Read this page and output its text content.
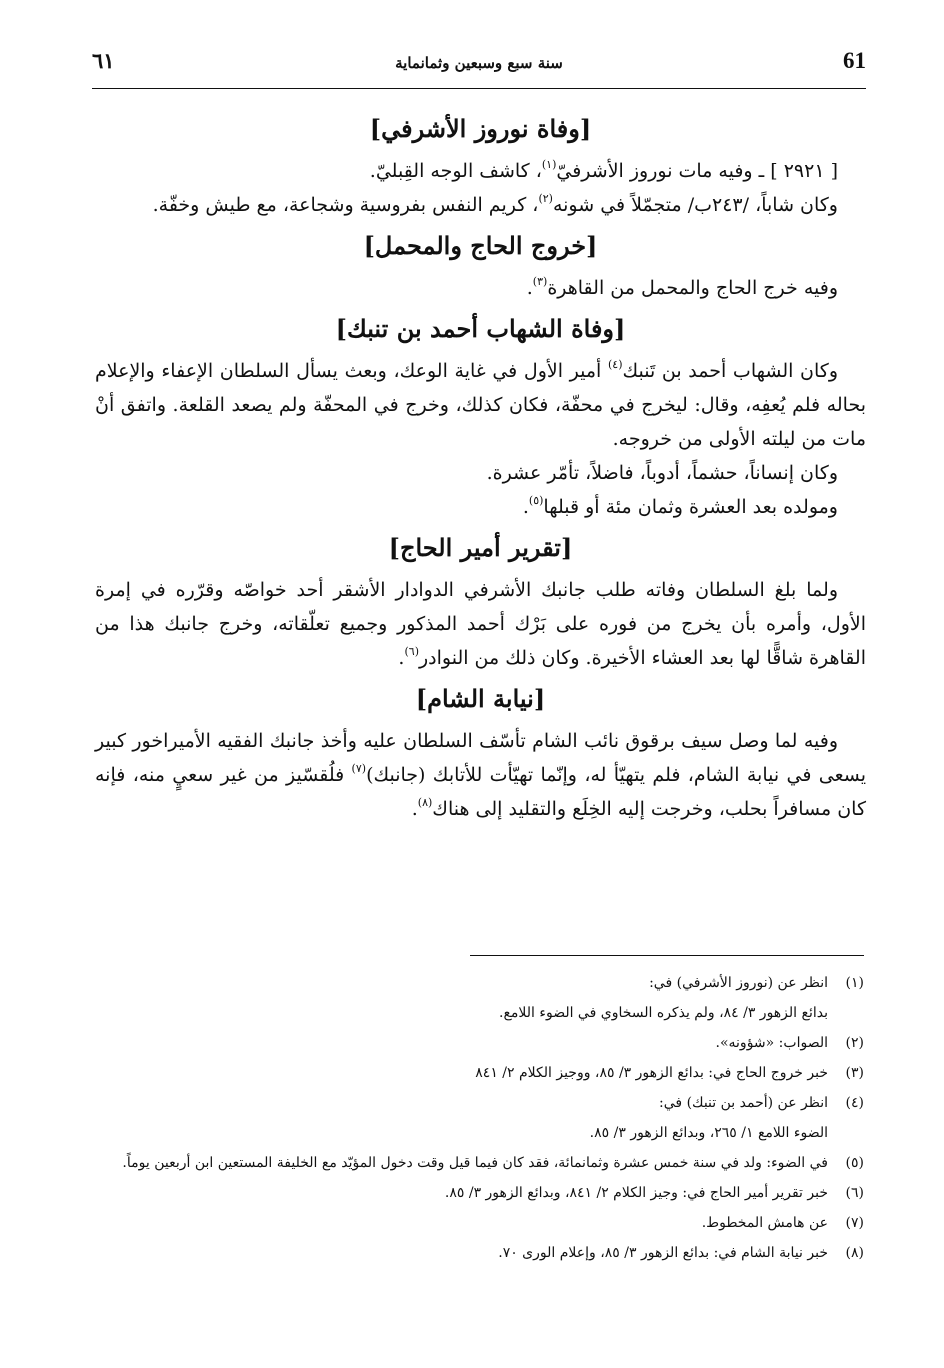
61
سنة سبع وسبعين وثمانماية
٦١
[وفاة نوروز الأشرفي]

[ ٢٩٢١ ] ـ وفيه مات نوروز الأشرفيّ$^{(١)}$، كاشف الوجه القِبليّ.

وكان شاباً، /٢٤٣ب/ متجمّلاً في شونه$^{(٢)}$، كريم النفس بفروسية وشجاعة، مع طيش وخفّة.

[خروج الحاج والمحمل]

وفيه خرج الحاج والمحمل من القاهرة$^{(٣)}$.

[وفاة الشهاب أحمد بن تنبك]

وكان الشهاب أحمد بن تَنبك$^{(٤)}$ أمير الأول في غاية الوعك، وبعث يسأل السلطان الإعفاء والإعلام بحاله فلم يُعفِه، وقال: ليخرج في محفّة، فكان كذلك، وخرج في المحفّة ولم يصعد القلعة. واتفق أنْ مات من ليلته الأولى من خروجه.

وكان إنساناً، حشماً، أدوباً، فاضلاً، تأمّر عشرة.

ومولده بعد العشرة وثمان مئة أو قبلها$^{(٥)}$.

[تقرير أمير الحاج]

ولما بلغ السلطان وفاته طلب جانبك الأشرفي الدوادار الأشقر أحد خواصّه وقرّره في إمرة الأول، وأمره بأن يخرج من فوره على بَرْك أحمد المذكور وجميع تعلّقاته، وخرج جانبك هذا من القاهرة شاقًّا لها بعد العشاء الأخيرة. وكان ذلك من النوادر$^{(٦)}$.

[نيابة الشام]

وفيه لما وصل سيف برقوق نائب الشام تأسّف السلطان عليه وأخذ جانبك الفقيه الأميراخور كبير يسعى في نيابة الشام، فلم يتهيّأ له، وإنّما تهيّأت للأتابك (جانبك)$^{(٧)}$ فلُقسّيز من غير سعيٍ منه، فإنه كان مسافراً بحلب، وخرجت إليه الخِلَع والتقليد إلى هناك$^{(٨)}$.

(١)
انظر عن (نوروز الأشرفي) في:
بدائع الزهور ٣/ ٨٤، ولم يذكره السخاوي في الضوء اللامع.
(٢)
الصواب: «شؤونه».
(٣)
خبر خروج الحاج في: بدائع الزهور ٣/ ٨٥، ووجيز الكلام ٢/ ٨٤١
(٤)
انظر عن (أحمد بن تنبك) في:
الضوء اللامع ١/ ٢٦٥، وبدائع الزهور ٣/ ٨٥.
(٥)
في الضوء: ولد في سنة خمس عشرة وثمانمائة، فقد كان فيما قيل وقت دخول المؤيّد مع الخليفة المستعين ابن أربعين يوماً.
(٦)
خبر تقرير أمير الحاج في: وجيز الكلام ٢/ ٨٤١، وبدائع الزهور ٣/ ٨٥.
(٧)
عن هامش المخطوط.
(٨)
خبر نيابة الشام في: بدائع الزهور ٣/ ٨٥، وإعلام الورى ٧٠.
